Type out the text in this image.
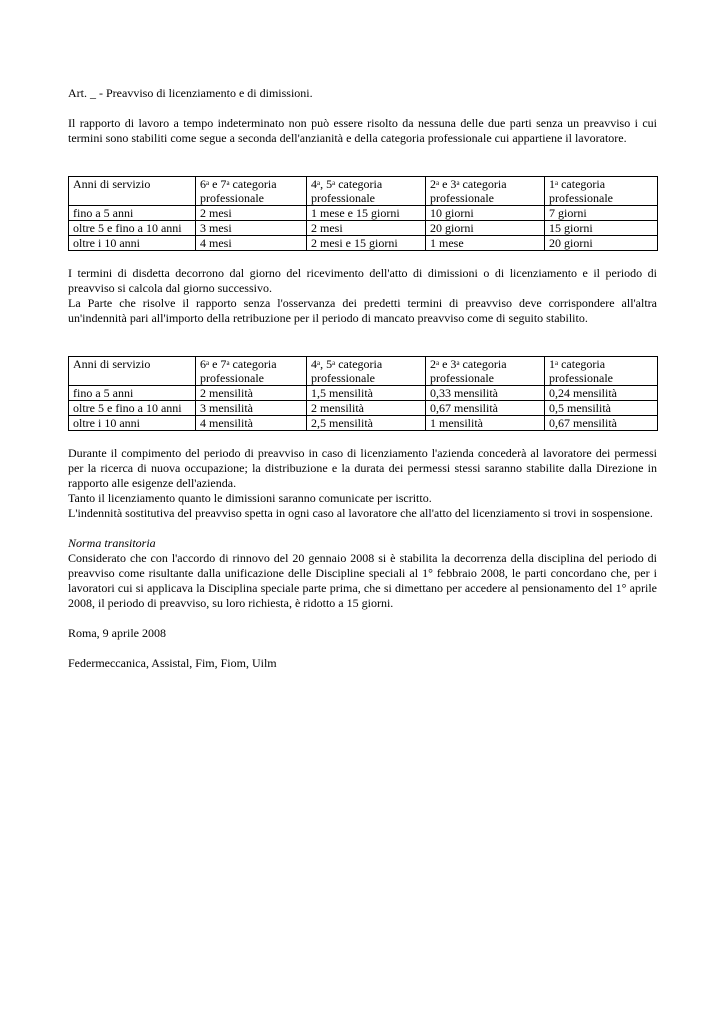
Art. _ - Preavviso di licenziamento e di dimissioni.

Il rapporto di lavoro a tempo indeterminato non può essere risolto da nessuna delle due parti senza un preavviso i cui termini sono stabiliti come segue a seconda dell'anzianità e della categoria professionale cui appartiene il lavoratore.

Anni di servizio	6$^a$ e 7$^a$ categoria professionale	4$^a$, 5$^a$ categoria professionale	2$^a$ e 3$^a$ categoria professionale	1$^a$ categoria professionale
fino a 5 anni	2 mesi	1 mese e 15 giorni	10 giorni	7 giorni
oltre 5 e fino a 10 anni	3 mesi	2 mesi	20 giorni	15 giorni
oltre i 10 anni	4 mesi	2 mesi e 15 giorni	1 mese	20 giorni

I termini di disdetta decorrono dal giorno del ricevimento dell'atto di dimissioni o di licenziamento e il periodo di preavviso si calcola dal giorno successivo.

La Parte che risolve il rapporto senza l'osservanza dei predetti termini di preavviso deve corrispondere all'altra un'indennità pari all'importo della retribuzione per il periodo di mancato preavviso come di seguito stabilito.

Anni di servizio	6$^a$ e 7$^a$ categoria professionale	4$^a$, 5$^a$ categoria professionale	2$^a$ e 3$^a$ categoria professionale	1$^a$ categoria professionale
fino a 5 anni	2 mensilità	1,5 mensilità	0,33 mensilità	0,24 mensilità
oltre 5 e fino a 10 anni	3 mensilità	2 mensilità	0,67 mensilità	0,5 mensilità
oltre i 10 anni	4 mensilità	2,5 mensilità	1 mensilità	0,67 mensilità

Durante il compimento del periodo di preavviso in caso di licenziamento l'azienda concederà al lavoratore dei permessi per la ricerca di nuova occupazione; la distribuzione e la durata dei permessi stessi saranno stabilite dalla Direzione in rapporto alle esigenze dell'azienda.

Tanto il licenziamento quanto le dimissioni saranno comunicate per iscritto.

L'indennità sostitutiva del preavviso spetta in ogni caso al lavoratore che all'atto del licenziamento si trovi in sospensione.

Norma transitoria

Considerato che con l'accordo di rinnovo del 20 gennaio 2008 si è stabilita la decorrenza della disciplina del periodo di preavviso come risultante dalla unificazione delle Discipline speciali al 1° febbraio 2008, le parti concordano che, per i lavoratori cui si applicava la Disciplina speciale parte prima, che si dimettano per accedere al pensionamento del 1° aprile 2008, il periodo di preavviso, su loro richiesta, è ridotto a 15 giorni.

Roma, 9 aprile 2008

Federmeccanica, Assistal, Fim, Fiom, Uilm
